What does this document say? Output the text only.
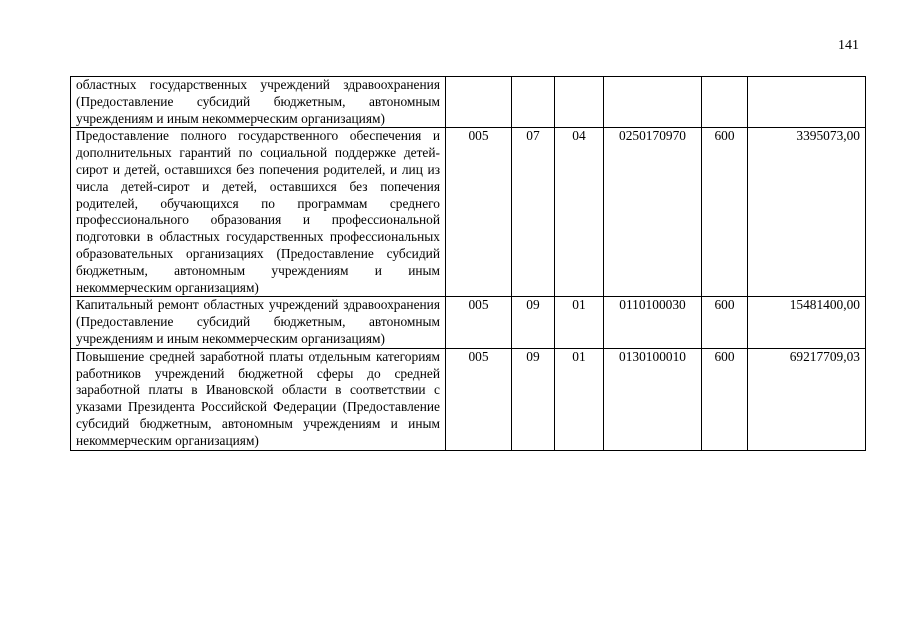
141
областных государственных учреждений здравоохранения (Предоставление субсидий бюджетным, автономным учреждениям и иным некоммерческим организациям)						
Предоставление полного государственного обеспечения и дополнительных гарантий по социальной поддержке детей-сирот и детей, оставшихся без попечения родителей, и лиц из числа детей-сирот и детей, оставшихся без попечения родителей, обучающихся по программам среднего профессионального образования и профессиональной подготовки в областных государственных профессиональных образовательных организациях (Предоставление субсидий бюджетным, автономным учреждениям и иным некоммерческим организациям)	005	07	04	0250170970	600	3395073,00
Капитальный ремонт областных учреждений здравоохранения (Предоставление субсидий бюджетным, автономным учреждениям и иным некоммерческим организациям)	005	09	01	0110100030	600	15481400,00
Повышение средней заработной платы отдельным категориям работников учреждений бюджетной сферы до средней заработной платы в Ивановской области в соответствии с указами Президента Российской Федерации (Предоставление субсидий бюджетным, автономным учреждениям и иным некоммерческим организациям)	005	09	01	0130100010	600	69217709,03
